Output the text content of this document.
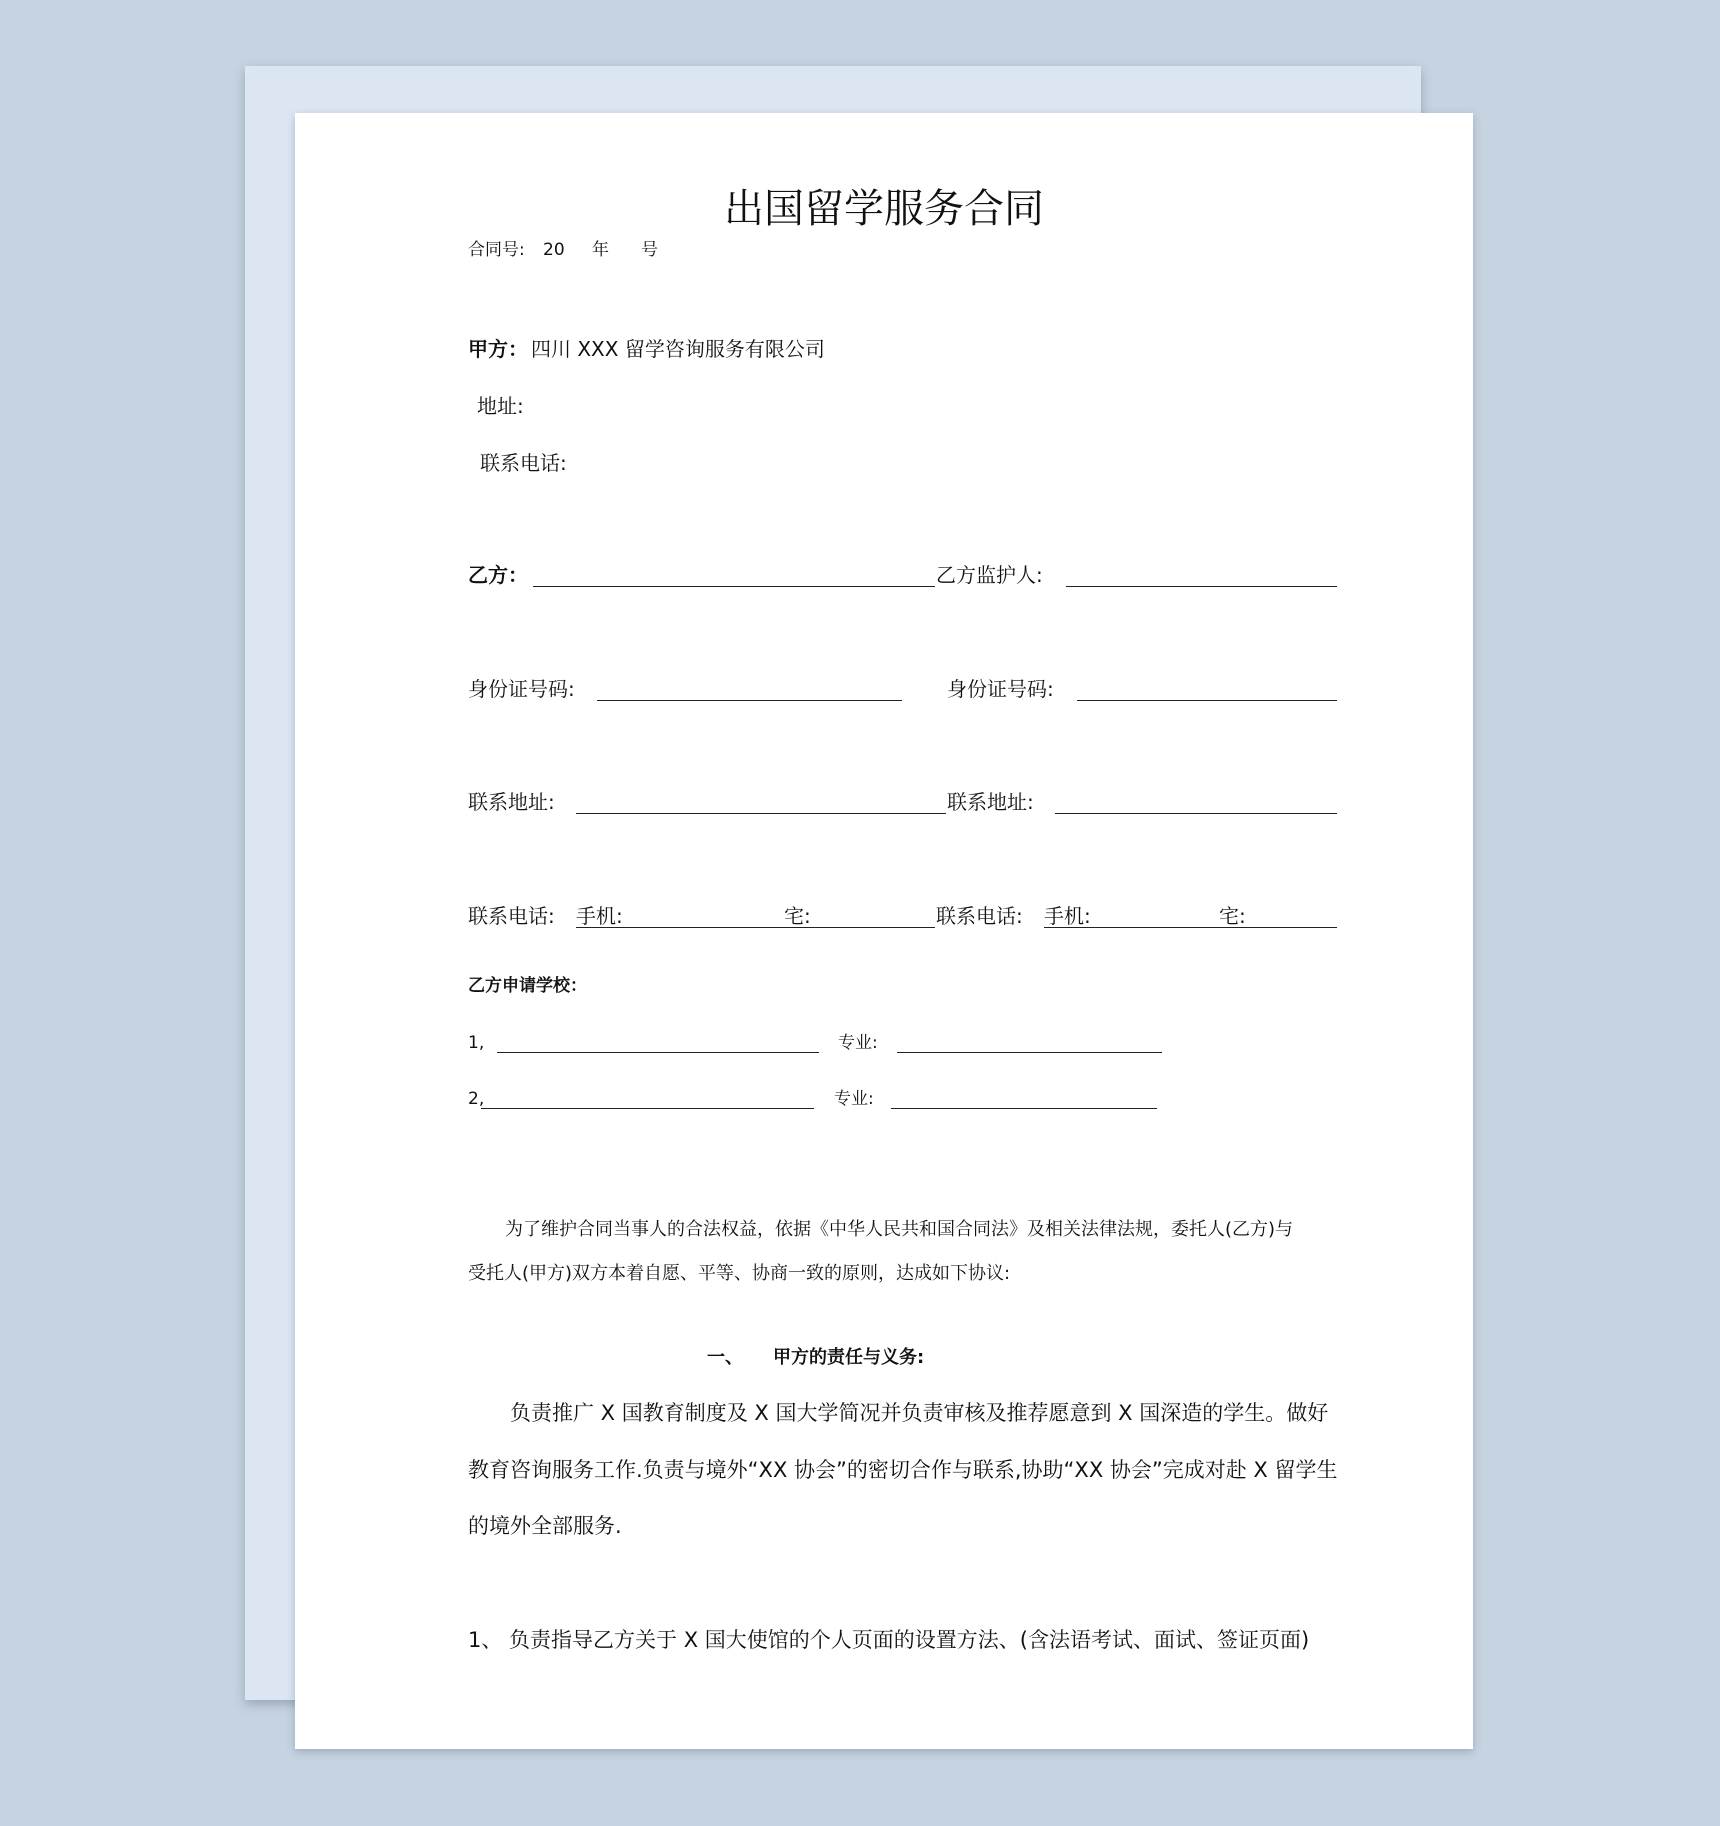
出国留学服务合同
合同号: 20 年 号
甲方： 四川 XXX 留学咨询服务有限公司
地址:
联系电话:
乙方：	乙方监护人:
身份证号码:	身份证号码:
联系地址:	联系地址:
联系电话: 手机:	宅:	联系电话: 手机:	宅:
乙方申请学校：
1,	专业:
2,	专业:
为了维护合同当事人的合法权益，依据《中华人民共和国合同法》及相关法律法规，委托人(乙方)与
受托人(甲方)双方本着自愿、平等、协商一致的原则，达成如下协议:
一、 甲方的责任与义务:
负责推广 X 国教育制度及 X 国大学简况并负责审核及推荐愿意到 X 国深造的学生。做好
教育咨询服务工作.负责与境外“XX 协会”的密切合作与联系,协助“XX 协会”完成对赴 X 留学生
的境外全部服务.
1、 负责指导乙方关于 X 国大使馆的个人页面的设置方法、(含法语考试、面试、签证页面)
